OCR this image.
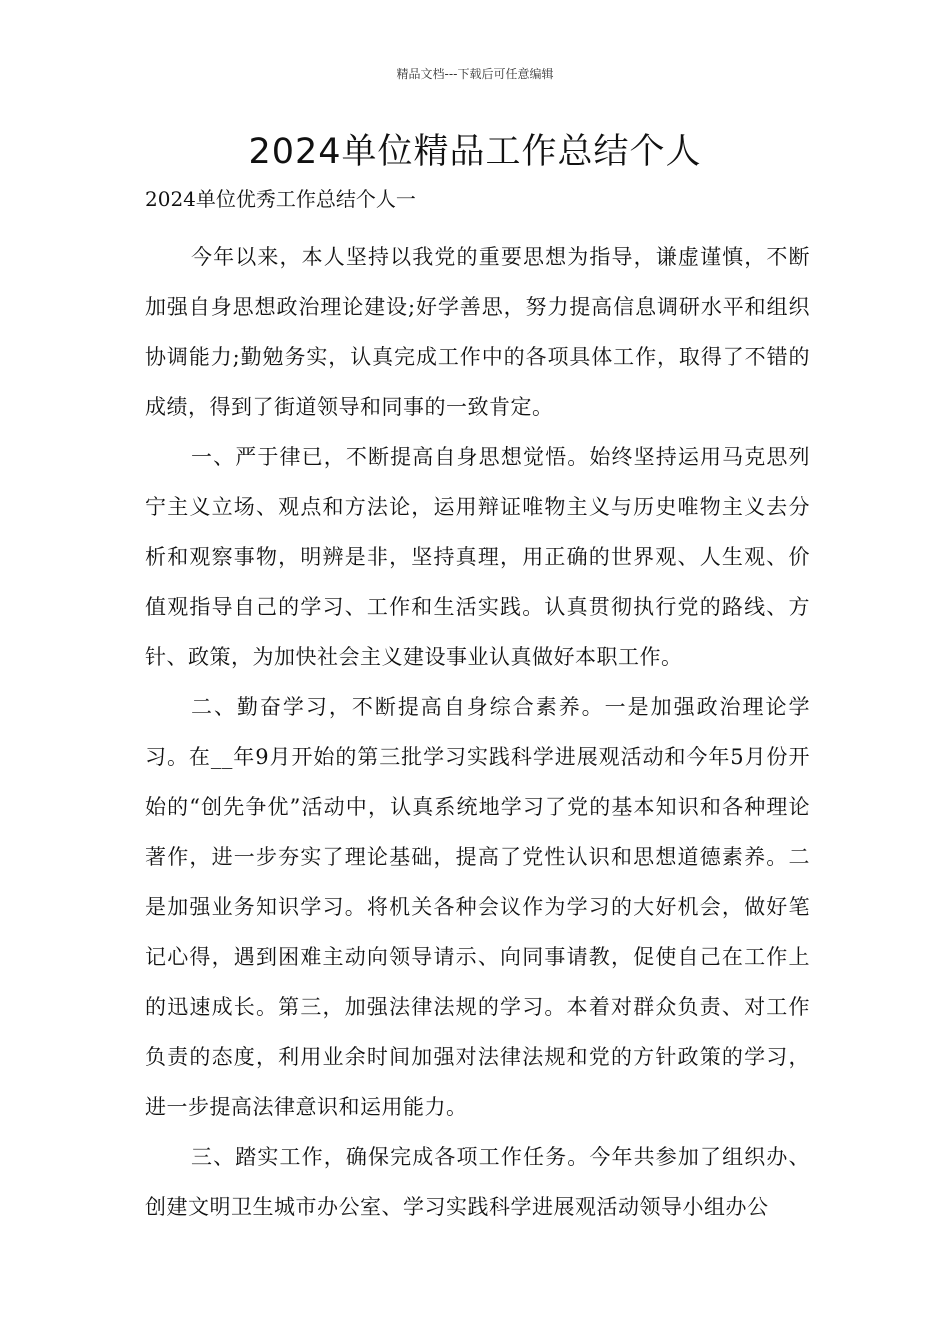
精品文档---下载后可任意编辑
2024单位精品工作总结个人

2024单位优秀工作总结个人一

今年以来，本人坚持以我党的重要思想为指导，谦虚谨慎，不断加强自身思想政治理论建设;好学善思，努力提高信息调研水平和组织协调能力;勤勉务实，认真完成工作中的各项具体工作，取得了不错的成绩，得到了街道领导和同事的一致肯定。

一、严于律已，不断提高自身思想觉悟。始终坚持运用马克思列宁主义立场、观点和方法论，运用辩证唯物主义与历史唯物主义去分析和观察事物，明辨是非，坚持真理，用正确的世界观、人生观、价值观指导自己的学习、工作和生活实践。认真贯彻执行党的路线、方针、政策，为加快社会主义建设事业认真做好本职工作。

二、勤奋学习，不断提高自身综合素养。一是加强政治理论学习。在__年9月开始的第三批学习实践科学进展观活动和今年5月份开始的“创先争优”活动中，认真系统地学习了党的基本知识和各种理论著作，进一步夯实了理论基础，提高了党性认识和思想道德素养。二是加强业务知识学习。将机关各种会议作为学习的大好机会，做好笔记心得，遇到困难主动向领导请示、向同事请教，促使自己在工作上的迅速成长。第三，加强法律法规的学习。本着对群众负责、对工作负责的态度，利用业余时间加强对法律法规和党的方针政策的学习，进一步提高法律意识和运用能力。

三、踏实工作，确保完成各项工作任务。今年共参加了组织办、创建文明卫生城市办公室、学习实践科学进展观活动领导小组办公
